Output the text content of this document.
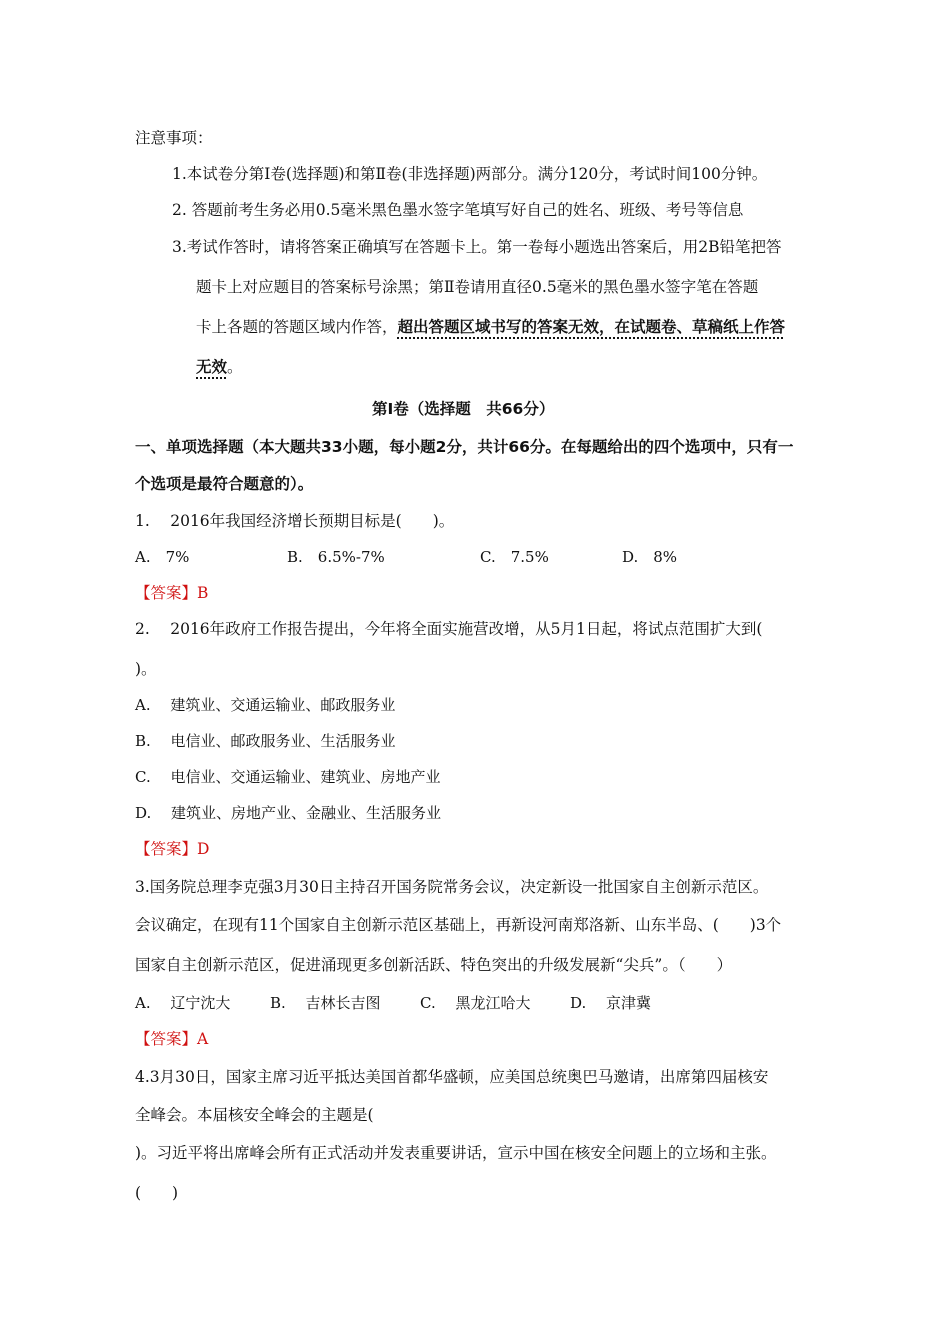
注意事项：
1.本试卷分第Ⅰ卷(选择题)和第Ⅱ卷(非选择题)两部分。满分120分，考试时间100分钟。
2. 答题前考生务必用0.5毫米黑色墨水签字笔填写好自己的姓名、班级、考号等信息
3.考试作答时，请将答案正确填写在答题卡上。第一卷每小题选出答案后，用2B铅笔把答
题卡上对应题目的答案标号涂黑；第Ⅱ卷请用直径0.5毫米的黑色墨水签字笔在答题
卡上各题的答题区域内作答，超出答题区域书写的答案无效，在试题卷、草稿纸上作答
无效。
第Ⅰ卷（选择题　共66分）
一、单项选择题（本大题共33小题，每小题2分，共计66分。在每题给出的四个选项中，只有一
个选项是最符合题意的）。
1.　 2016年我国经济增长预期目标是(　　)。
A.　7%	B.　6.5%-7%	C.　7.5%	D.　8%
【答案】B
2.　 2016年政府工作报告提出，今年将全面实施营改增，从5月1日起，将试点范围扩大到(
)。
A.　 建筑业、交通运输业、邮政服务业
B.　 电信业、邮政服务业、生活服务业
C.　 电信业、交通运输业、建筑业、房地产业
D.　 建筑业、房地产业、金融业、生活服务业
【答案】D
3.国务院总理李克强3月30日主持召开国务院常务会议，决定新设一批国家自主创新示范区。
会议确定，在现有11个国家自主创新示范区基础上，再新设河南郑洛新、山东半岛、(　　)3个
国家自主创新示范区，促进涌现更多创新活跃、特色突出的升级发展新“尖兵”。（　　）
A.　 辽宁沈大	B.　 吉林长吉图	C.　 黑龙江哈大	D.　 京津冀
【答案】A
4.3月30日，国家主席习近平抵达美国首都华盛顿，应美国总统奥巴马邀请，出席第四届核安
全峰会。本届核安全峰会的主题是(
)。习近平将出席峰会所有正式活动并发表重要讲话，宣示中国在核安全问题上的立场和主张。
(　　)
